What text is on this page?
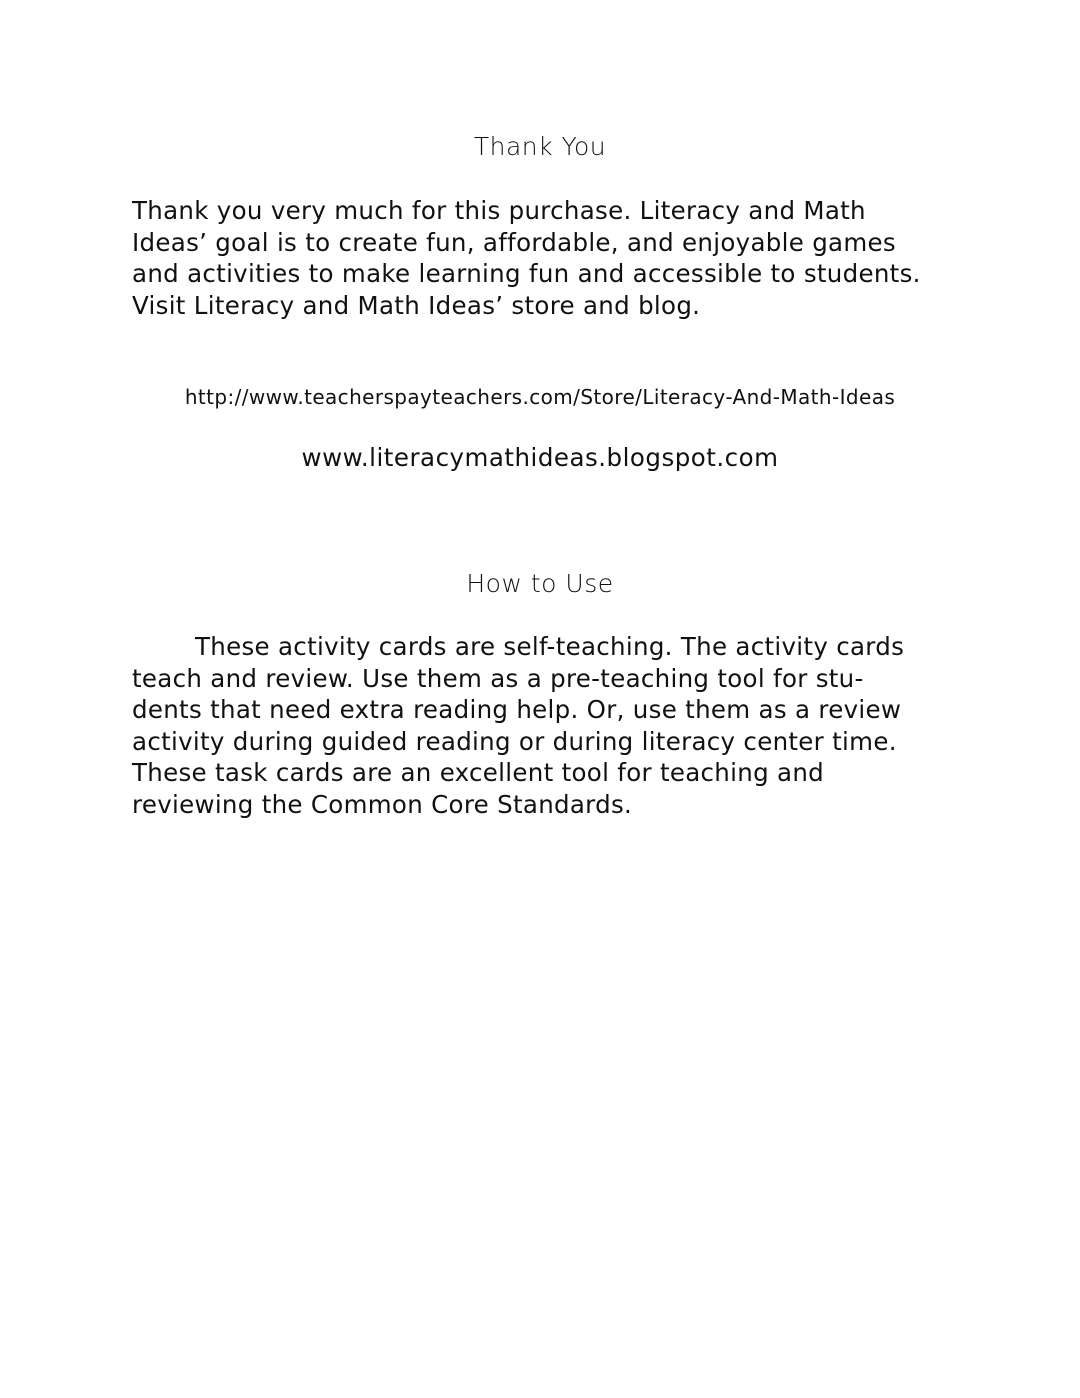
Thank You
Thank you very much for this purchase. Literacy and Math
Ideas’ goal is to create fun, affordable, and enjoyable games
and activities to make learning fun and accessible to students.
Visit Literacy and Math Ideas’ store and blog.
http://www.teacherspayteachers.com/Store/Literacy-And-Math-Ideas
www.literacymathideas.blogspot.com
How to Use
These activity cards are self-teaching. The activity cards
teach and review. Use them as a pre-teaching tool for stu-
dents that need extra reading help. Or, use them as a review
activity during guided reading or during literacy center time.
These task cards are an excellent tool for teaching and
reviewing the Common Core Standards.
